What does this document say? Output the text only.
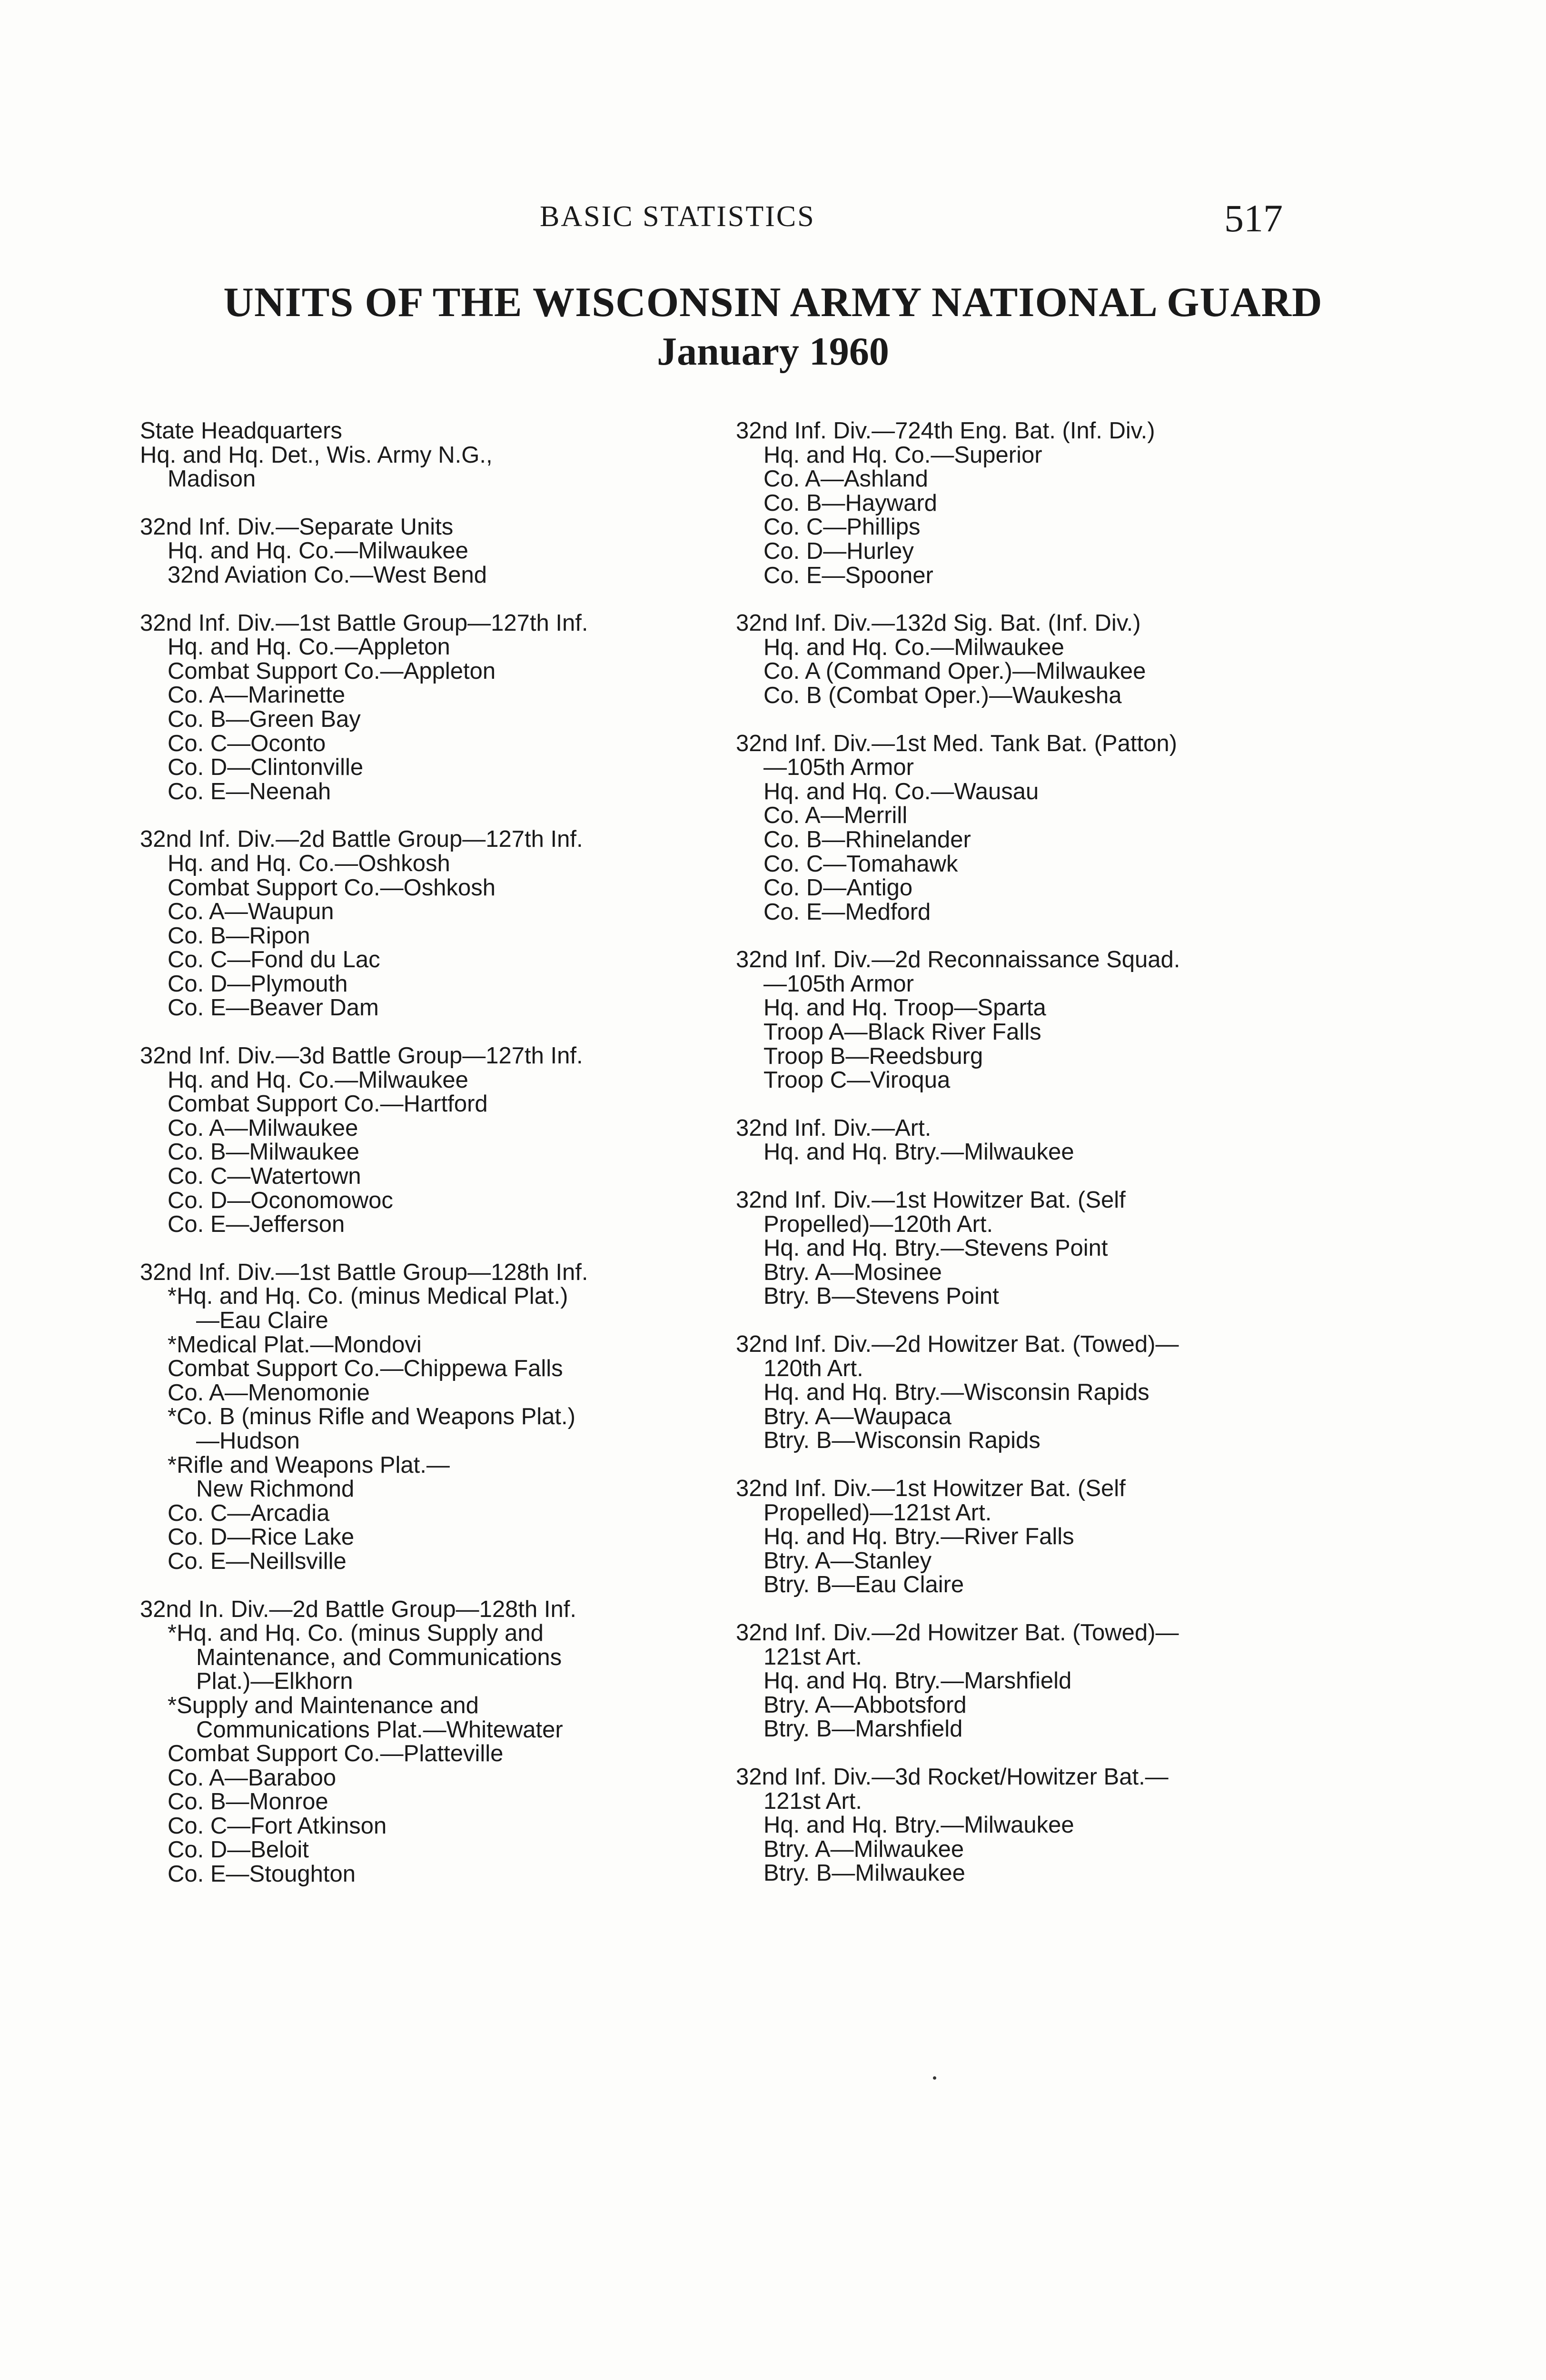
BASIC STATISTICS	517
UNITS OF THE WISCONSIN ARMY NATIONAL GUARD
January 1960

State Headquarters

Hq. and Hq. Det., Wis. Army N.G.,

Madison

32nd Inf. Div.—Separate Units

Hq. and Hq. Co.—Milwaukee

32nd Aviation Co.—West Bend

32nd Inf. Div.—1st Battle Group—127th Inf.

Hq. and Hq. Co.—Appleton

Combat Support Co.—Appleton

Co. A—Marinette

Co. B—Green Bay

Co. C—Oconto

Co. D—Clintonville

Co. E—Neenah

32nd Inf. Div.—2d Battle Group—127th Inf.

Hq. and Hq. Co.—Oshkosh

Combat Support Co.—Oshkosh

Co. A—Waupun

Co. B—Ripon

Co. C—Fond du Lac

Co. D—Plymouth

Co. E—Beaver Dam

32nd Inf. Div.—3d Battle Group—127th Inf.

Hq. and Hq. Co.—Milwaukee

Combat Support Co.—Hartford

Co. A—Milwaukee

Co. B—Milwaukee

Co. C—Watertown

Co. D—Oconomowoc

Co. E—Jefferson

32nd Inf. Div.—1st Battle Group—128th Inf.

*Hq. and Hq. Co. (minus Medical Plat.)

—Eau Claire

*Medical Plat.—Mondovi

Combat Support Co.—Chippewa Falls

Co. A—Menomonie

*Co. B (minus Rifle and Weapons Plat.)

—Hudson

*Rifle and Weapons Plat.—

New Richmond

Co. C—Arcadia

Co. D—Rice Lake

Co. E—Neillsville

32nd In. Div.—2d Battle Group—128th Inf.

*Hq. and Hq. Co. (minus Supply and

Maintenance, and Communications

Plat.)—Elkhorn

*Supply and Maintenance and

Communications Plat.—Whitewater

Combat Support Co.—Platteville

Co. A—Baraboo

Co. B—Monroe

Co. C—Fort Atkinson

Co. D—Beloit

Co. E—Stoughton

32nd Inf. Div.—724th Eng. Bat. (Inf. Div.)

Hq. and Hq. Co.—Superior

Co. A—Ashland

Co. B—Hayward

Co. C—Phillips

Co. D—Hurley

Co. E—Spooner

32nd Inf. Div.—132d Sig. Bat. (Inf. Div.)

Hq. and Hq. Co.—Milwaukee

Co. A (Command Oper.)—Milwaukee

Co. B (Combat Oper.)—Waukesha

32nd Inf. Div.—1st Med. Tank Bat. (Patton)

—105th Armor

Hq. and Hq. Co.—Wausau

Co. A—Merrill

Co. B—Rhinelander

Co. C—Tomahawk

Co. D—Antigo

Co. E—Medford

32nd Inf. Div.—2d Reconnaissance Squad.

—105th Armor

Hq. and Hq. Troop—Sparta

Troop A—Black River Falls

Troop B—Reedsburg

Troop C—Viroqua

32nd Inf. Div.—Art.

Hq. and Hq. Btry.—Milwaukee

32nd Inf. Div.—1st Howitzer Bat. (Self

Propelled)—120th Art.

Hq. and Hq. Btry.—Stevens Point

Btry. A—Mosinee

Btry. B—Stevens Point

32nd Inf. Div.—2d Howitzer Bat. (Towed)—

120th Art.

Hq. and Hq. Btry.—Wisconsin Rapids

Btry. A—Waupaca

Btry. B—Wisconsin Rapids

32nd Inf. Div.—1st Howitzer Bat. (Self

Propelled)—121st Art.

Hq. and Hq. Btry.—River Falls

Btry. A—Stanley

Btry. B—Eau Claire

32nd Inf. Div.—2d Howitzer Bat. (Towed)—

121st Art.

Hq. and Hq. Btry.—Marshfield

Btry. A—Abbotsford

Btry. B—Marshfield

32nd Inf. Div.—3d Rocket/Howitzer Bat.—

121st Art.

Hq. and Hq. Btry.—Milwaukee

Btry. A—Milwaukee

Btry. B—Milwaukee
